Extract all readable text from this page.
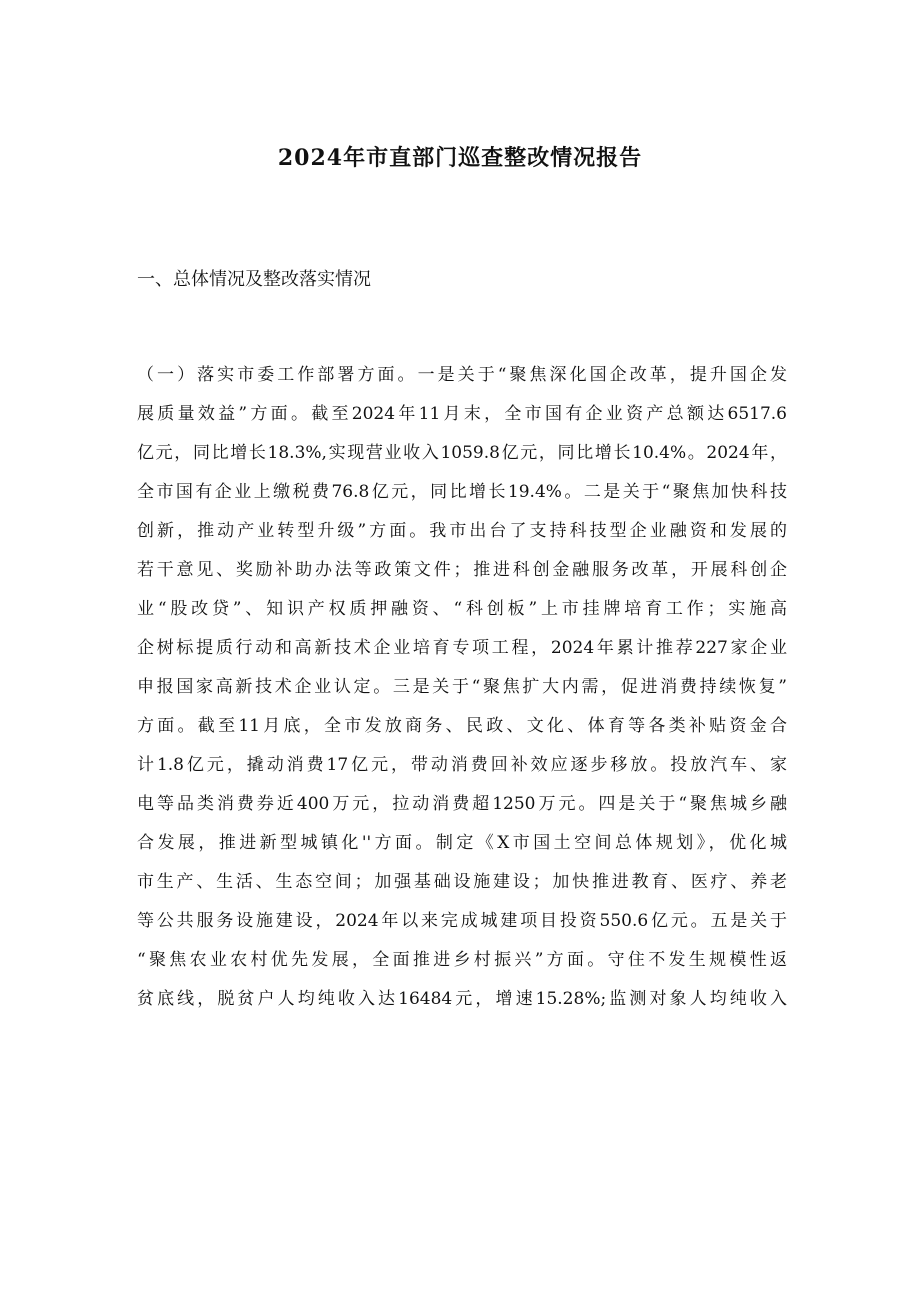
2024年市直部门巡查整改情况报告
一、总体情况及整改落实情况
（一）落实市委工作部署方面。一是关于“聚焦深化国企改革，提升国企发
展质量效益”方面。截至2024年11月末，全市国有企业资产总额达6517.6
亿元，同比增长18.3%,实现营业收入1059.8亿元，同比增长10.4%。2024年，
全市国有企业上缴税费76.8亿元，同比增长19.4%。二是关于“聚焦加快科技
创新，推动产业转型升级”方面。我市出台了支持科技型企业融资和发展的
若干意见、奖励补助办法等政策文件；推进科创金融服务改革，开展科创企
业“股改贷”、知识产权质押融资、“科创板”上市挂牌培育工作；实施高
企树标提质行动和高新技术企业培育专项工程，2024年累计推荐227家企业
申报国家高新技术企业认定。三是关于“聚焦扩大内需，促进消费持续恢复”
方面。截至11月底，全市发放商务、民政、文化、体育等各类补贴资金合
计1.8亿元，撬动消费17亿元，带动消费回补效应逐步移放。投放汽车、家
电等品类消费券近400万元，拉动消费超1250万元。四是关于“聚焦城乡融
合发展，推进新型城镇化''方面。制定《X市国土空间总体规划》，优化城
市生产、生活、生态空间；加强基础设施建设；加快推进教育、医疗、养老
等公共服务设施建设，2024年以来完成城建项目投资550.6亿元。五是关于
“聚焦农业农村优先发展，全面推进乡村振兴”方面。守住不发生规模性返
贫底线，脱贫户人均纯收入达16484元，增速15.28%;监测对象人均纯收入
